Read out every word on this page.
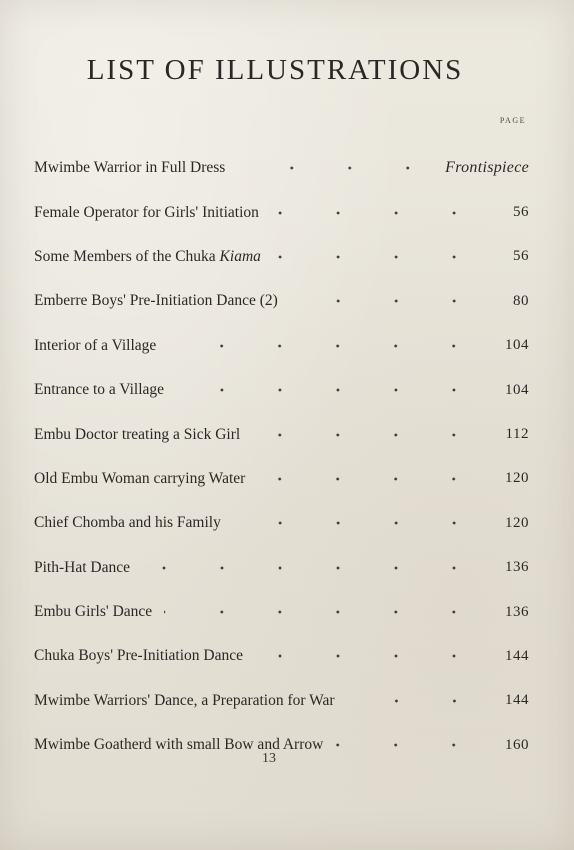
LIST OF ILLUSTRATIONS
PAGE
Mwimbe Warrior in Full Dress	Frontispiece
Female Operator for Girls' Initiation	56
Some Members of the Chuka Kiama	56
Emberre Boys' Pre-Initiation Dance (2)	80
Interior of a Village	104
Entrance to a Village	104
Embu Doctor treating a Sick Girl	112
Old Embu Woman carrying Water	120
Chief Chomba and his Family	120
Pith-Hat Dance	136
Embu Girls' Dance	136
Chuka Boys' Pre-Initiation Dance	144
Mwimbe Warriors' Dance, a Preparation for War	144
Mwimbe Goatherd with small Bow and Arrow	160
13
